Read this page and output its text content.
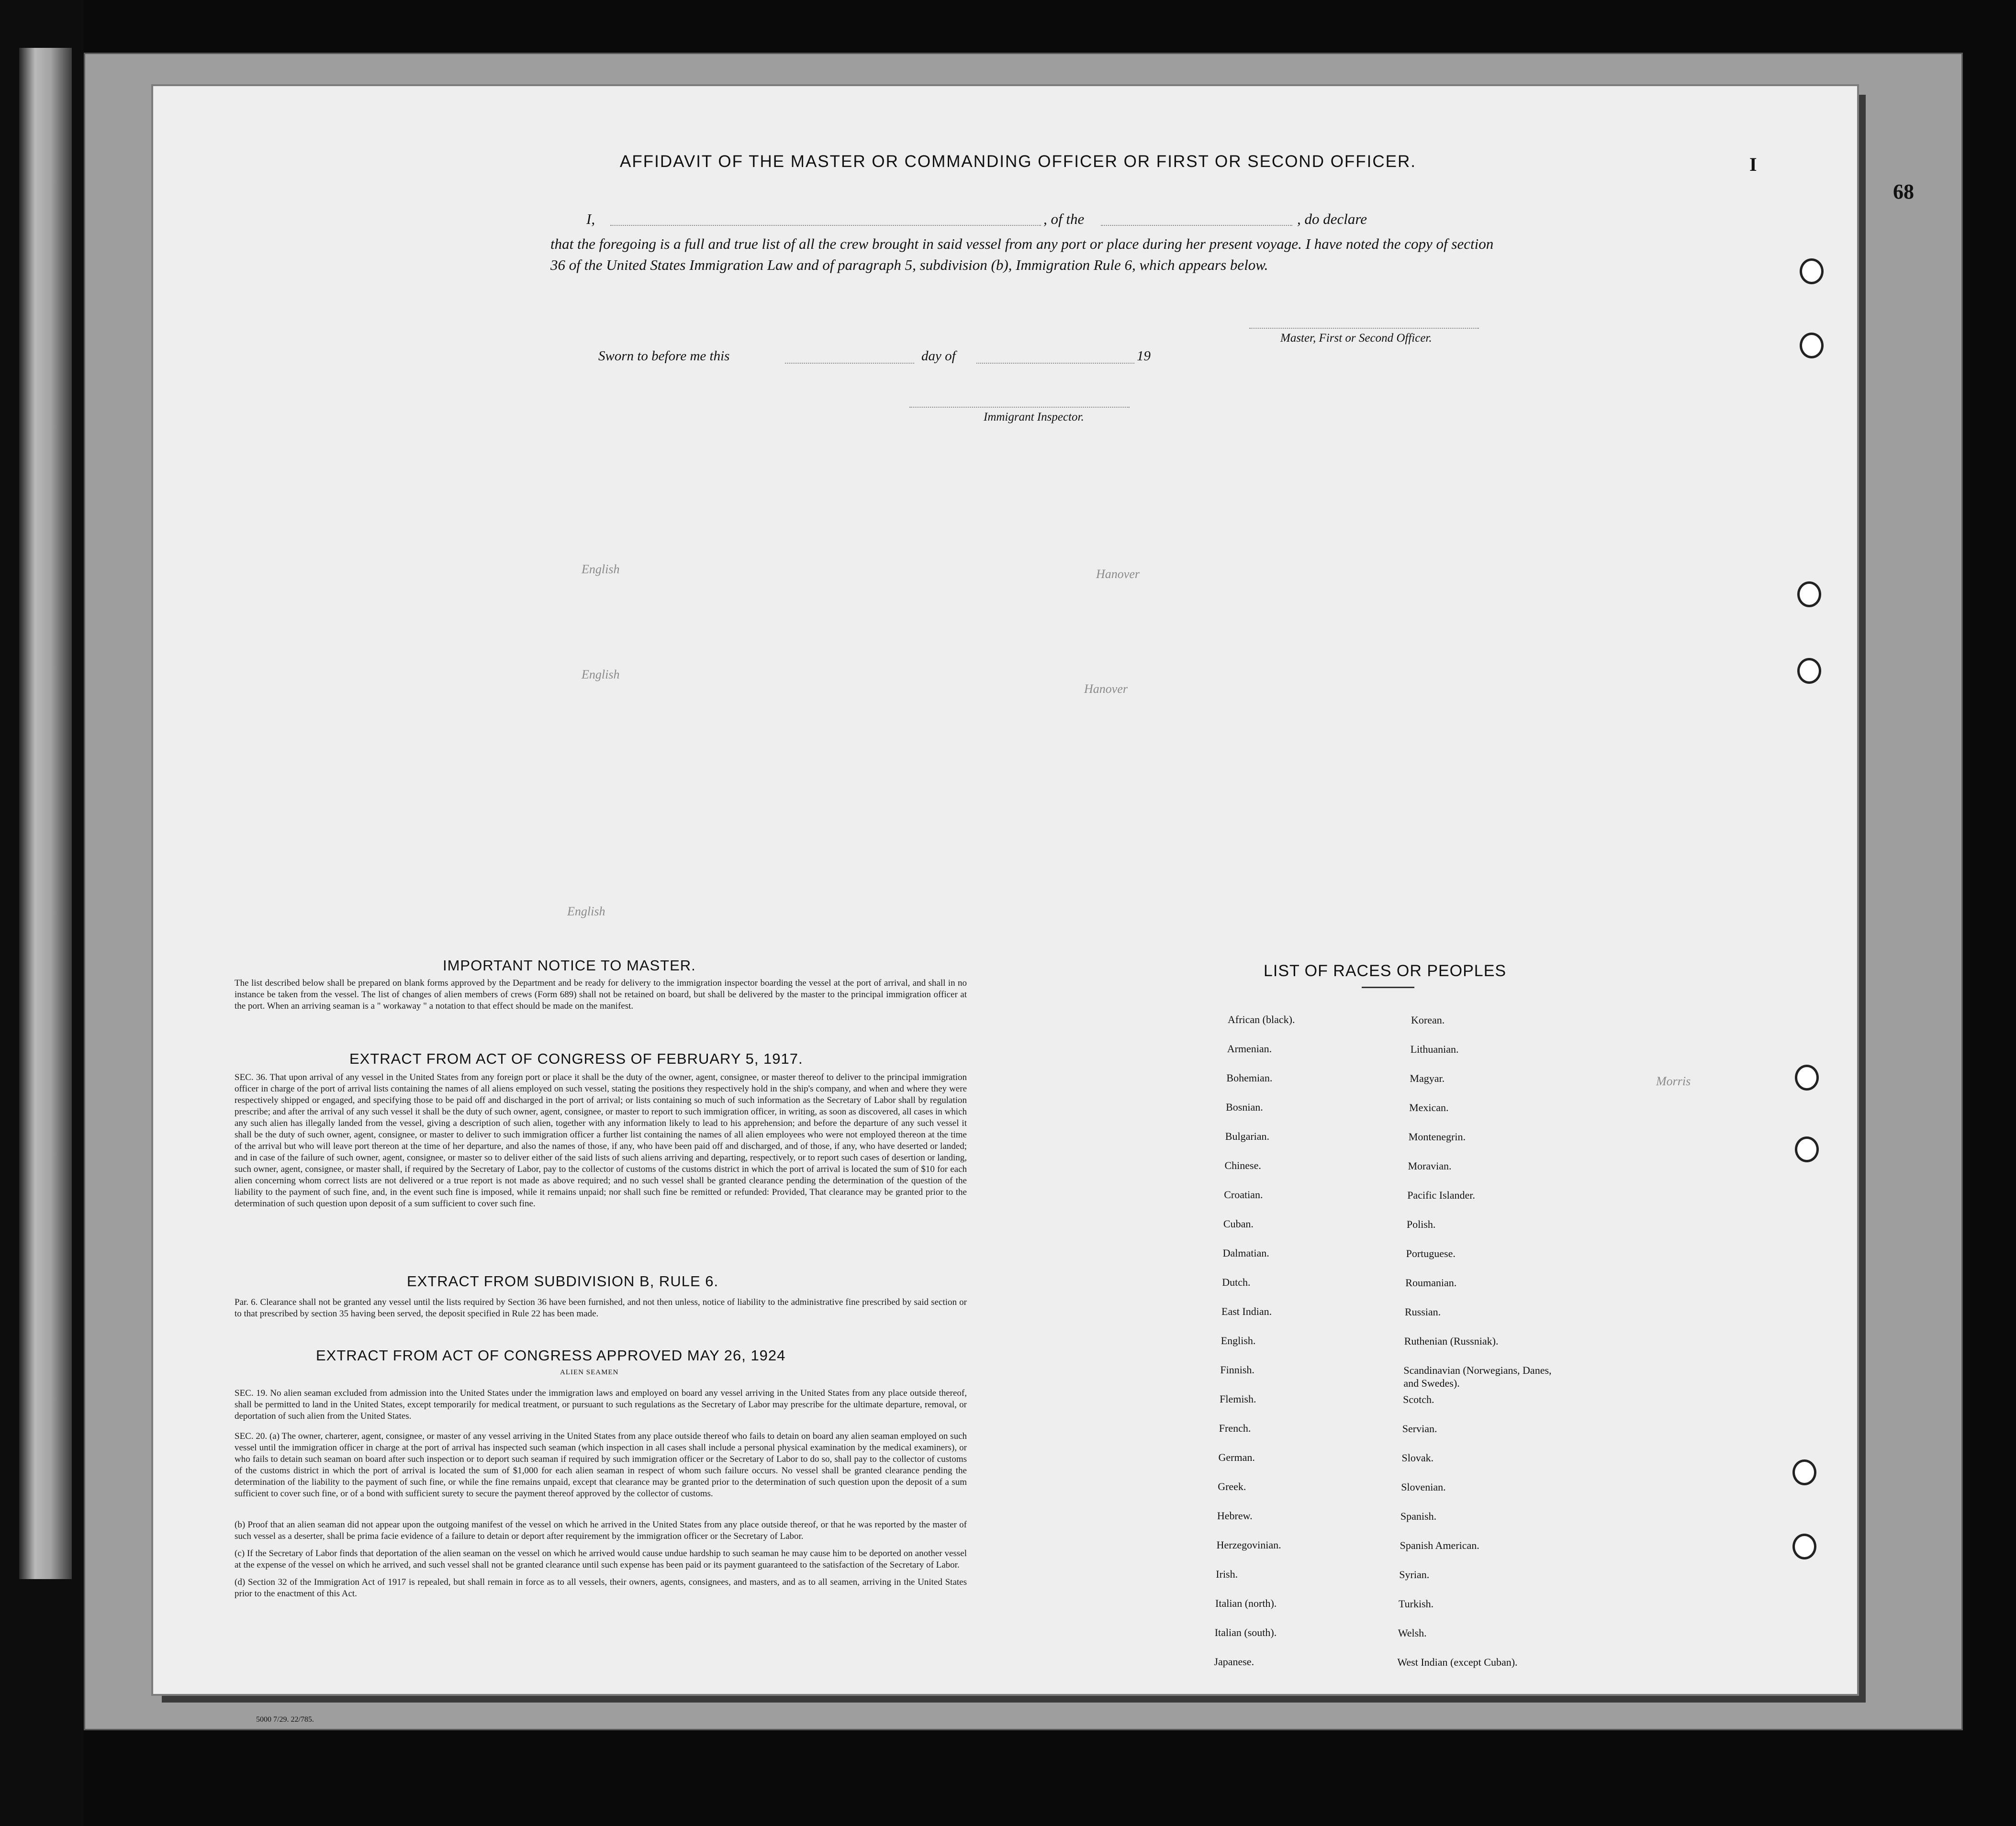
68
I
AFFIDAVIT OF THE MASTER OR COMMANDING OFFICER OR FIRST OR SECOND OFFICER.
I,	, of the	, do declare
that the foregoing is a full and true list of all the crew brought in said vessel from any port or place during her present voyage. I have noted the copy of section 36 of the United States Immigration Law and of paragraph 5, subdivision (b), Immigration Rule 6, which appears below.
Master, First or Second Officer.
Sworn to before me this	day of	19
Immigrant Inspector.
English	Hanover
English
Hanover
English
Morris
IMPORTANT NOTICE TO MASTER.
The list described below shall be prepared on blank forms approved by the Department and be ready for delivery to the immigration inspector boarding the vessel at the port of arrival, and shall in no instance be taken from the vessel. The list of changes of alien members of crews (Form 689) shall not be retained on board, but shall be delivered by the master to the principal immigration officer at the port. When an arriving seaman is a " workaway " a notation to that effect should be made on the manifest.
EXTRACT FROM ACT OF CONGRESS OF FEBRUARY 5, 1917.
SEC. 36. That upon arrival of any vessel in the United States from any foreign port or place it shall be the duty of the owner, agent, consignee, or master thereof to deliver to the principal immigration officer in charge of the port of arrival lists containing the names of all aliens employed on such vessel, stating the positions they respectively hold in the ship's company, and when and where they were respectively shipped or engaged, and specifying those to be paid off and discharged in the port of arrival; or lists containing so much of such information as the Secretary of Labor shall by regulation prescribe; and after the arrival of any such vessel it shall be the duty of such owner, agent, consignee, or master to report to such immigration officer, in writing, as soon as discovered, all cases in which any such alien has illegally landed from the vessel, giving a description of such alien, together with any information likely to lead to his apprehension; and before the departure of any such vessel it shall be the duty of such owner, agent, consignee, or master to deliver to such immigration officer a further list containing the names of all alien employees who were not employed thereon at the time of the arrival but who will leave port thereon at the time of her departure, and also the names of those, if any, who have been paid off and discharged, and of those, if any, who have deserted or landed; and in case of the failure of such owner, agent, consignee, or master so to deliver either of the said lists of such aliens arriving and departing, respectively, or to report such cases of desertion or landing, such owner, agent, consignee, or master shall, if required by the Secretary of Labor, pay to the collector of customs of the customs district in which the port of arrival is located the sum of $10 for each alien concerning whom correct lists are not delivered or a true report is not made as above required; and no such vessel shall be granted clearance pending the determination of the question of the liability to the payment of such fine, and, in the event such fine is imposed, while it remains unpaid; nor shall such fine be remitted or refunded: Provided, That clearance may be granted prior to the determination of such question upon deposit of a sum sufficient to cover such fine.
EXTRACT FROM SUBDIVISION B, RULE 6.
Par. 6. Clearance shall not be granted any vessel until the lists required by Section 36 have been furnished, and not then unless, notice of liability to the administrative fine prescribed by said section or to that prescribed by section 35 having been served, the deposit specified in Rule 22 has been made.
EXTRACT FROM ACT OF CONGRESS APPROVED MAY 26, 1924
ALIEN SEAMEN
SEC. 19. No alien seaman excluded from admission into the United States under the immigration laws and employed on board any vessel arriving in the United States from any place outside thereof, shall be permitted to land in the United States, except temporarily for medical treatment, or pursuant to such regulations as the Secretary of Labor may prescribe for the ultimate departure, removal, or deportation of such alien from the United States.
SEC. 20. (a) The owner, charterer, agent, consignee, or master of any vessel arriving in the United States from any place outside thereof who fails to detain on board any alien seaman employed on such vessel until the immigration officer in charge at the port of arrival has inspected such seaman (which inspection in all cases shall include a personal physical examination by the medical examiners), or who fails to detain such seaman on board after such inspection or to deport such seaman if required by such immigration officer or the Secretary of Labor to do so, shall pay to the collector of customs of the customs district in which the port of arrival is located the sum of $1,000 for each alien seaman in respect of whom such failure occurs. No vessel shall be granted clearance pending the determination of the liability to the payment of such fine, or while the fine remains unpaid, except that clearance may be granted prior to the determination of such question upon the deposit of a sum sufficient to cover such fine, or of a bond with sufficient surety to secure the payment thereof approved by the collector of customs.
(b) Proof that an alien seaman did not appear upon the outgoing manifest of the vessel on which he arrived in the United States from any place outside thereof, or that he was reported by the master of such vessel as a deserter, shall be prima facie evidence of a failure to detain or deport after requirement by the immigration officer or the Secretary of Labor.
(c) If the Secretary of Labor finds that deportation of the alien seaman on the vessel on which he arrived would cause undue hardship to such seaman he may cause him to be deported on another vessel at the expense of the vessel on which he arrived, and such vessel shall not be granted clearance until such expense has been paid or its payment guaranteed to the satisfaction of the Secretary of Labor.
(d) Section 32 of the Immigration Act of 1917 is repealed, but shall remain in force as to all vessels, their owners, agents, consignees, and masters, and as to all seamen, arriving in the United States prior to the enactment of this Act.
LIST OF RACES OR PEOPLES
African (black).
Armenian.
Bohemian.
Bosnian.
Bulgarian.
Chinese.
Croatian.
Cuban.
Dalmatian.
Dutch.
East Indian.
English.
Finnish.
Flemish.
French.
German.
Greek.
Hebrew.
Herzegovinian.
Irish.
Italian (north).
Italian (south).
Japanese.
Korean.
Lithuanian.
Magyar.
Mexican.
Montenegrin.
Moravian.
Pacific Islander.
Polish.
Portuguese.
Roumanian.
Russian.
Ruthenian (Russniak).
Scandinavian (Norwegians, Danes, and Swedes).
Scotch.
Servian.
Slovak.
Slovenian.
Spanish.
Spanish American.
Syrian.
Turkish.
Welsh.
West Indian (except Cuban).
5000 7/29. 22/785.
